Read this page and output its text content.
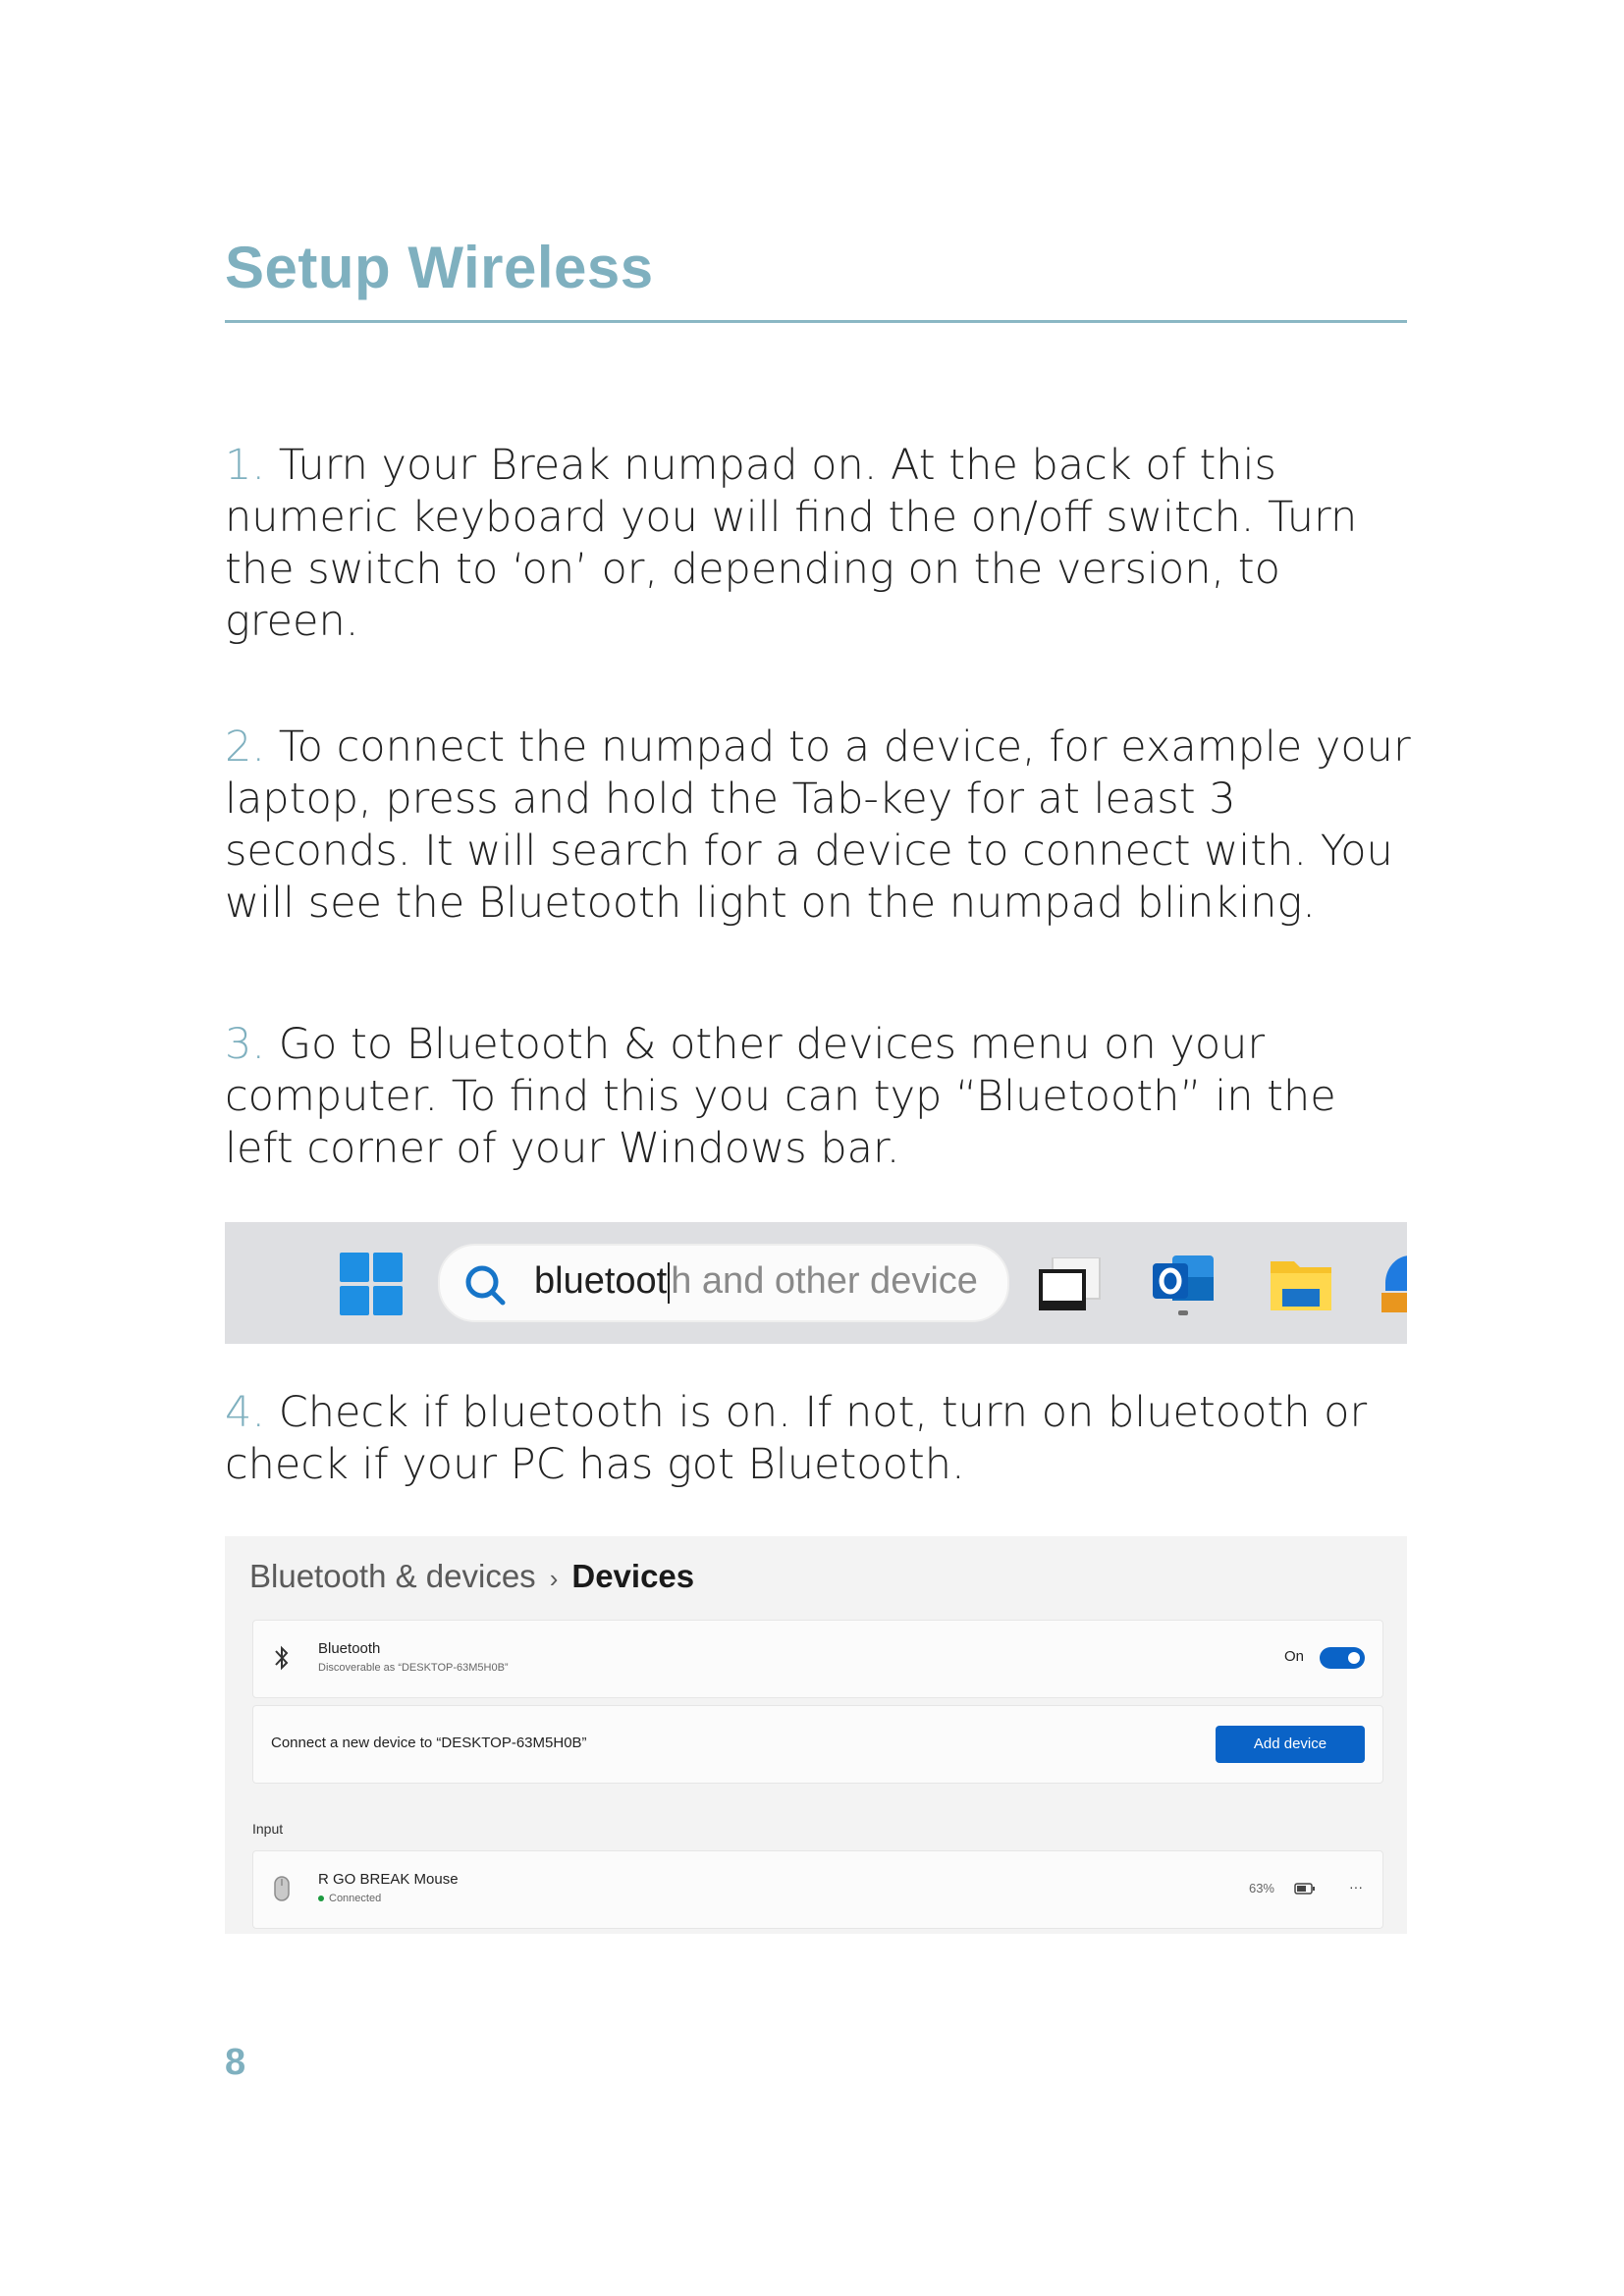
Setup Wireless
1. Turn your Break numpad on. At the back of this numeric keyboard you will find the on/off switch. Turn the switch to ‘on’ or, depending on the version, to green.
2. To connect the numpad to a device, for example your laptop, press and hold the Tab-key for at least 3 seconds. It will search for a device to connect with. You will see the Bluetooth light on the numpad blinking.
3. Go to Bluetooth & other devices menu on your computer. To find this you can typ “Bluetooth” in the left corner of your Windows bar.
bluetoot h and other device
4. Check if bluetooth is on. If not, turn on bluetooth or check if your PC has got Bluetooth.
Bluetooth & devices › Devices
Bluetooth
Discoverable as “DESKTOP-63M5H0B”
On
Connect a new device to “DESKTOP-63M5H0B”	Add device
Input
R GO BREAK Mouse
Connected
63%	···
8
